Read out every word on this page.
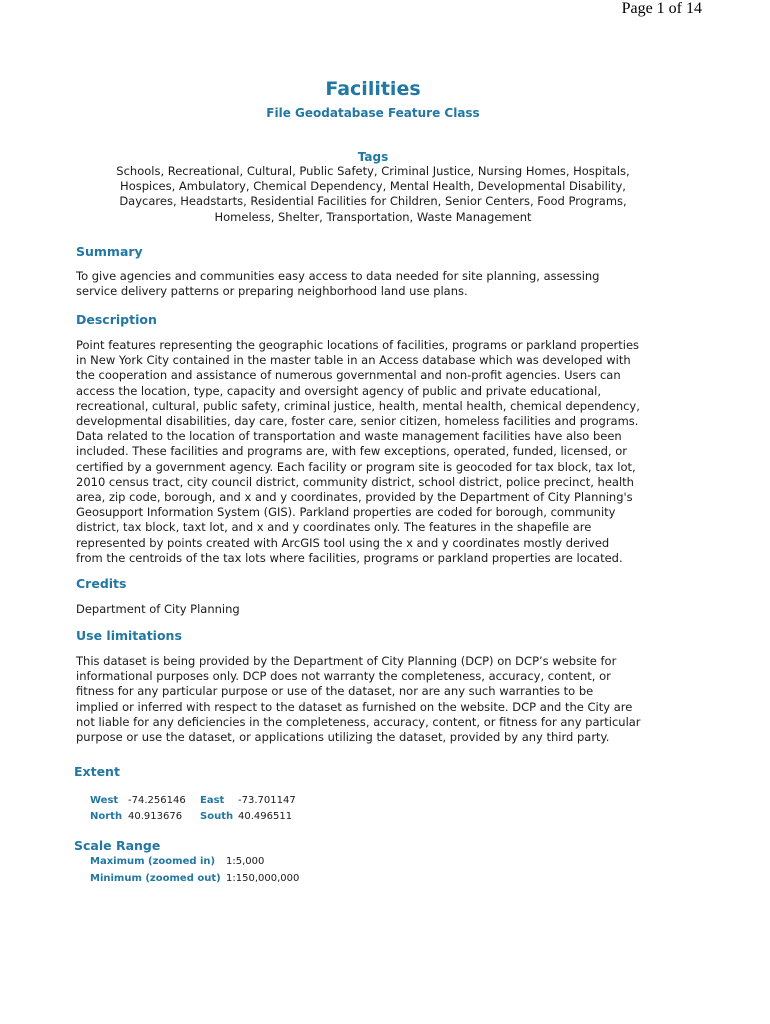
Page 1 of 14
Facilities
File Geodatabase Feature Class
Tags
Schools, Recreational, Cultural, Public Safety, Criminal Justice, Nursing Homes, Hospitals,
Hospices, Ambulatory, Chemical Dependency, Mental Health, Developmental Disability,
Daycares, Headstarts, Residential Facilities for Children, Senior Centers, Food Programs,
Homeless, Shelter, Transportation, Waste Management
Summary
To give agencies and communities easy access to data needed for site planning, assessing
service delivery patterns or preparing neighborhood land use plans.
Description
Point features representing the geographic locations of facilities, programs or parkland properties
in New York City contained in the master table in an Access database which was developed with
the cooperation and assistance of numerous governmental and non-profit agencies. Users can
access the location, type, capacity and oversight agency of public and private educational,
recreational, cultural, public safety, criminal justice, health, mental health, chemical dependency,
developmental disabilities, day care, foster care, senior citizen, homeless facilities and programs.
Data related to the location of transportation and waste management facilities have also been
included. These facilities and programs are, with few exceptions, operated, funded, licensed, or
certified by a government agency. Each facility or program site is geocoded for tax block, tax lot,
2010 census tract, city council district, community district, school district, police precinct, health
area, zip code, borough, and x and y coordinates, provided by the Department of City Planning's
Geosupport Information System (GIS). Parkland properties are coded for borough, community
district, tax block, taxt lot, and x and y coordinates only. The features in the shapefile are
represented by points created with ArcGIS tool using the x and y coordinates mostly derived
from the centroids of the tax lots where facilities, programs or parkland properties are located.
Credits
Department of City Planning
Use limitations
This dataset is being provided by the Department of City Planning (DCP) on DCP’s website for
informational purposes only. DCP does not warranty the completeness, accuracy, content, or
fitness for any particular purpose or use of the dataset, nor are any such warranties to be
implied or inferred with respect to the dataset as furnished on the website. DCP and the City are
not liable for any deficiencies in the completeness, accuracy, content, or fitness for any particular
purpose or use the dataset, or applications utilizing the dataset, provided by any third party.
Extent
West -74.256146 East -73.701147
North 40.913676 South 40.496511
Scale Range
Maximum (zoomed in) 1:5,000
Minimum (zoomed out) 1:150,000,000
